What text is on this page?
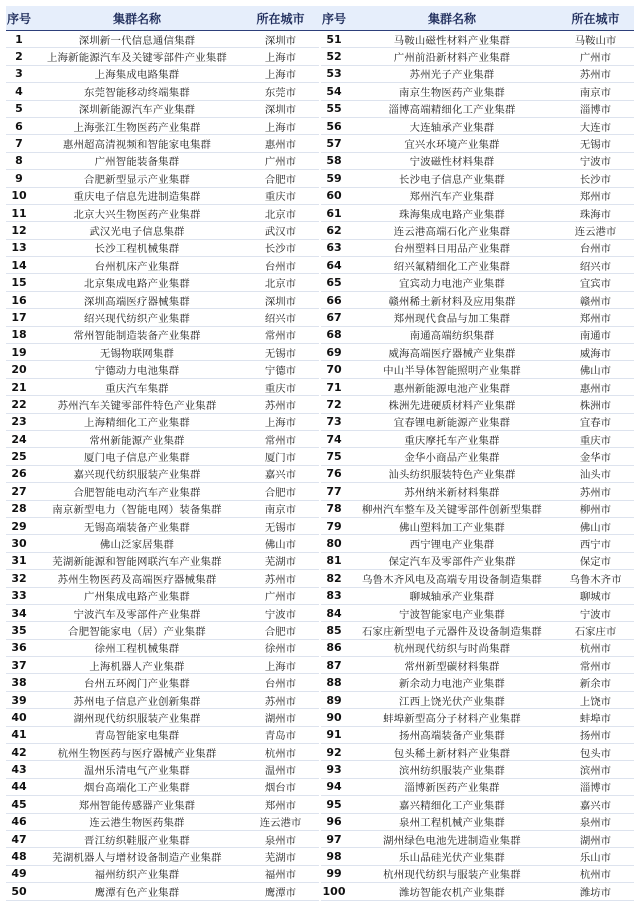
序号	集群名称	所在城市	序号	集群名称	所在城市
1	深圳新一代信息通信集群	深圳市
2	上海新能源汽车及关键零部件产业集群	上海市
3	上海集成电路集群	上海市
4	东莞智能移动终端集群	东莞市
5	深圳新能源汽车产业集群	深圳市
6	上海张江生物医药产业集群	上海市
7	惠州超高清视频和智能家电集群	惠州市
8	广州智能装备集群	广州市
9	合肥新型显示产业集群	合肥市
10	重庆电子信息先进制造集群	重庆市
11	北京大兴生物医药产业集群	北京市
12	武汉光电子信息集群	武汉市
13	长沙工程机械集群	长沙市
14	台州机床产业集群	台州市
15	北京集成电路产业集群	北京市
16	深圳高端医疗器械集群	深圳市
17	绍兴现代纺织产业集群	绍兴市
18	常州智能制造装备产业集群	常州市
19	无锡物联网集群	无锡市
20	宁德动力电池集群	宁德市
21	重庆汽车集群	重庆市
22	苏州汽车关键零部件特色产业集群	苏州市
23	上海精细化工产业集群	上海市
24	常州新能源产业集群	常州市
25	厦门电子信息产业集群	厦门市
26	嘉兴现代纺织服装产业集群	嘉兴市
27	合肥智能电动汽车产业集群	合肥市
28	南京新型电力（智能电网）装备集群	南京市
29	无锡高端装备产业集群	无锡市
30	佛山泛家居集群	佛山市
31	芜湖新能源和智能网联汽车产业集群	芜湖市
32	苏州生物医药及高端医疗器械集群	苏州市
33	广州集成电路产业集群	广州市
34	宁波汽车及零部件产业集群	宁波市
35	合肥智能家电（居）产业集群	合肥市
36	徐州工程机械集群	徐州市
37	上海机器人产业集群	上海市
38	台州五环阀门产业集群	台州市
39	苏州电子信息产业创新集群	苏州市
40	湖州现代纺织服装产业集群	湖州市
41	青岛智能家电集群	青岛市
42	杭州生物医药与医疗器械产业集群	杭州市
43	温州乐清电气产业集群	温州市
44	烟台高端化工产业集群	烟台市
45	郑州智能传感器产业集群	郑州市
46	连云港生物医药集群	连云港市
47	晋江纺织鞋服产业集群	泉州市
48	芜湖机器人与增材设备制造产业集群	芜湖市
49	福州纺织产业集群	福州市
50	鹰潭有色产业集群	鹰潭市
51	马鞍山磁性材料产业集群	马鞍山市
52	广州前沿新材料产业集群	广州市
53	苏州光子产业集群	苏州市
54	南京生物医药产业集群	南京市
55	淄博高端精细化工产业集群	淄博市
56	大连轴承产业集群	大连市
57	宜兴水环境产业集群	无锡市
58	宁波磁性材料集群	宁波市
59	长沙电子信息产业集群	长沙市
60	郑州汽车产业集群	郑州市
61	珠海集成电路产业集群	珠海市
62	连云港高端石化产业集群	连云港市
63	台州塑料日用品产业集群	台州市
64	绍兴氟精细化工产业集群	绍兴市
65	宜宾动力电池产业集群	宜宾市
66	赣州稀土新材料及应用集群	赣州市
67	郑州现代食品与加工集群	郑州市
68	南通高端纺织集群	南通市
69	威海高端医疗器械产业集群	威海市
70	中山半导体智能照明产业集群	佛山市
71	惠州新能源电池产业集群	惠州市
72	株洲先进硬质材料产业集群	株洲市
73	宜春锂电新能源产业集群	宜春市
74	重庆摩托车产业集群	重庆市
75	金华小商品产业集群	金华市
76	汕头纺织服装特色产业集群	汕头市
77	苏州纳米新材料集群	苏州市
78	柳州汽车整车及关键零部件创新型集群	柳州市
79	佛山塑料加工产业集群	佛山市
80	西宁锂电产业集群	西宁市
81	保定汽车及零部件产业集群	保定市
82	乌鲁木齐风电及高端专用设备制造集群	乌鲁木齐市
83	聊城轴承产业集群	聊城市
84	宁波智能家电产业集群	宁波市
85	石家庄新型电子元器件及设备制造集群	石家庄市
86	杭州现代纺织与时尚集群	杭州市
87	常州新型碳材料集群	常州市
88	新余动力电池产业集群	新余市
89	江西上饶光伏产业集群	上饶市
90	蚌埠新型高分子材料产业集群	蚌埠市
91	扬州高端装备产业集群	扬州市
92	包头稀土新材料产业集群	包头市
93	滨州纺织服装产业集群	滨州市
94	淄博新医药产业集群	淄博市
95	嘉兴精细化工产业集群	嘉兴市
96	泉州工程机械产业集群	泉州市
97	湖州绿色电池先进制造业集群	湖州市
98	乐山晶硅光伏产业集群	乐山市
99	杭州现代纺织与服装产业集群	杭州市
100	潍坊智能农机产业集群	潍坊市
